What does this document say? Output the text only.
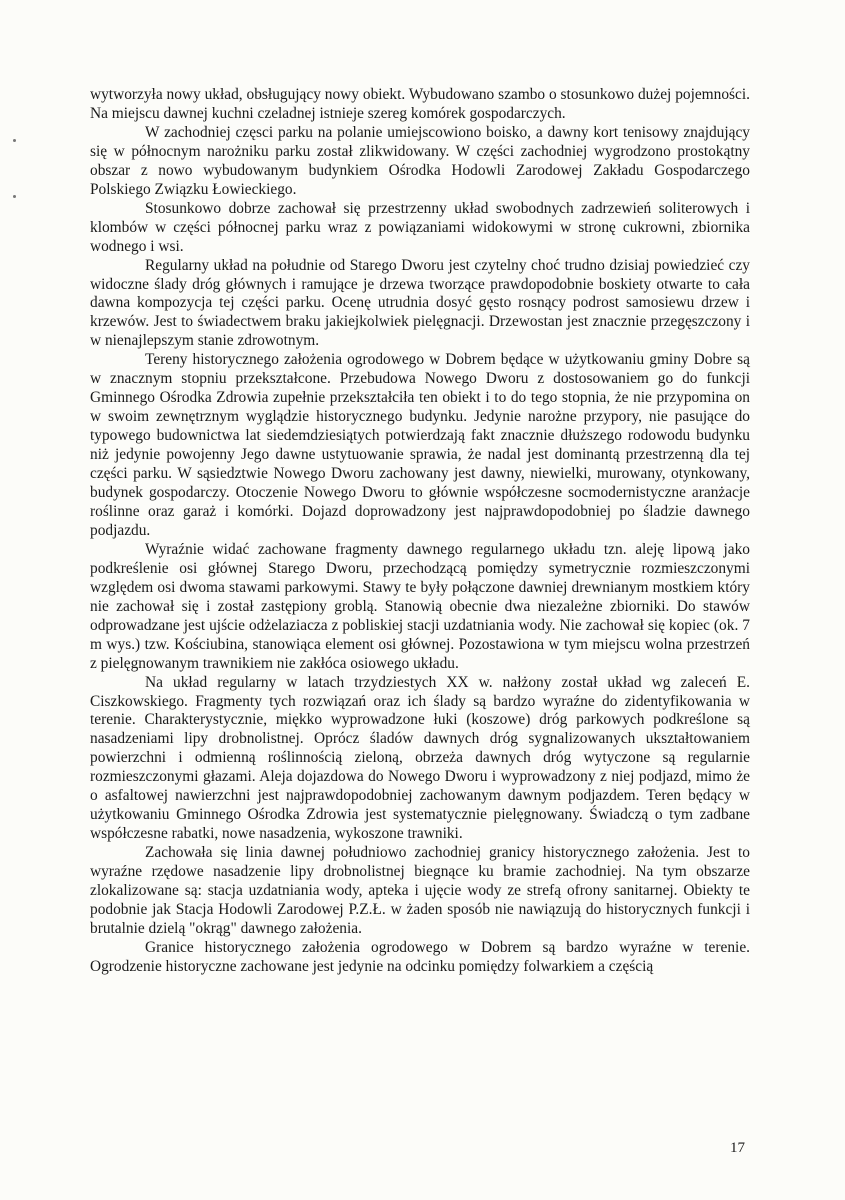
wytworzyła nowy układ, obsługujący nowy obiekt. Wybudowano szambo o stosunkowo dużej pojemności. Na miejscu dawnej kuchni czeladnej istnieje szereg komórek gospodarczych.

W zachodniej częsci parku na polanie umiejscowiono boisko, a dawny kort tenisowy znajdujący się w północnym narożniku parku został zlikwidowany. W części zachodniej wygrodzono prostokątny obszar z nowo wybudowanym budynkiem Ośrodka Hodowli Zarodowej Zakładu Gospodarczego Polskiego Związku Łowieckiego.

Stosunkowo dobrze zachował się przestrzenny układ swobodnych zadrzewień soliterowych i klombów w części północnej parku wraz z powiązaniami widokowymi w stronę cukrowni, zbiornika wodnego i wsi.

Regularny układ na południe od Starego Dworu jest czytelny choć trudno dzisiaj powiedzieć czy widoczne ślady dróg głównych i ramujące je drzewa tworzące prawdopodobnie boskiety otwarte to cała dawna kompozycja tej części parku. Ocenę utrudnia dosyć gęsto rosnący podrost samosiewu drzew i krzewów. Jest to świadectwem braku jakiejkolwiek pielęgnacji. Drzewostan jest znacznie przegęszczony i w nienajlepszym stanie zdrowotnym.

Tereny historycznego założenia ogrodowego w Dobrem będące w użytkowaniu gminy Dobre są w znacznym stopniu przekształcone. Przebudowa Nowego Dworu z dostosowaniem go do funkcji Gminnego Ośrodka Zdrowia zupełnie przekształciła ten obiekt i to do tego stopnia, że nie przypomina on w swoim zewnętrznym wyglądzie historycznego budynku. Jedynie narożne przypory, nie pasujące do typowego budownictwa lat siedemdziesiątych potwierdzają fakt znacznie dłuższego rodowodu budynku niż jedynie powojenny Jego dawne ustytuowanie sprawia, że nadal jest dominantą przestrzenną dla tej części parku. W sąsiedztwie Nowego Dworu zachowany jest dawny, niewielki, murowany, otynkowany, budynek gospodarczy. Otoczenie Nowego Dworu to głównie współczesne socmodernistyczne aranżacje roślinne oraz garaż i komórki. Dojazd doprowadzony jest najprawdopodobniej po śladzie dawnego podjazdu.

Wyraźnie widać zachowane fragmenty dawnego regularnego układu tzn. aleję lipową jako podkreślenie osi głównej Starego Dworu, przechodzącą pomiędzy symetrycznie rozmieszczonymi względem osi dwoma stawami parkowymi. Stawy te były połączone dawniej drewnianym mostkiem który nie zachował się i został zastępiony groblą. Stanowią obecnie dwa niezależne zbiorniki. Do stawów odprowadzane jest ujście odżelaziacza z pobliskiej stacji uzdatniania wody. Nie zachował się kopiec (ok. 7 m wys.) tzw. Kościubina, stanowiąca element osi głównej. Pozostawiona w tym miejscu wolna przestrzeń z pielęgnowanym trawnikiem nie zakłóca osiowego układu.

Na układ regularny w latach trzydziestych XX w. nałżony został układ wg zaleceń E. Ciszkowskiego. Fragmenty tych rozwiązań oraz ich ślady są bardzo wyraźne do zidentyfikowania w terenie. Charakterystycznie, miękko wyprowadzone łuki (koszowe) dróg parkowych podkreślone są nasadzeniami lipy drobnolistnej. Oprócz śladów dawnych dróg sygnalizowanych ukształtowaniem powierzchni i odmienną roślinnością zieloną, obrzeża dawnych dróg wytyczone są regularnie rozmieszczonymi głazami. Aleja dojazdowa do Nowego Dworu i wyprowadzony z niej podjazd, mimo że o asfaltowej nawierzchni jest najprawdopodobniej zachowanym dawnym podjazdem. Teren będący w użytkowaniu Gminnego Ośrodka Zdrowia jest systematycznie pielęgnowany. Świadczą o tym zadbane współczesne rabatki, nowe nasadzenia, wykoszone trawniki.

Zachowała się linia dawnej południowo zachodniej granicy historycznego założenia. Jest to wyraźne rzędowe nasadzenie lipy drobnolistnej biegnące ku bramie zachodniej. Na tym obszarze zlokalizowane są: stacja uzdatniania wody, apteka i ujęcie wody ze strefą ofrony sanitarnej. Obiekty te podobnie jak Stacja Hodowli Zarodowej P.Z.Ł. w żaden sposób nie nawiązują do historycznych funkcji i brutalnie dzielą "okrąg" dawnego założenia.

Granice historycznego założenia ogrodowego w Dobrem są bardzo wyraźne w terenie. Ogrodzenie historyczne zachowane jest jedynie na odcinku pomiędzy folwarkiem a częścią

17
